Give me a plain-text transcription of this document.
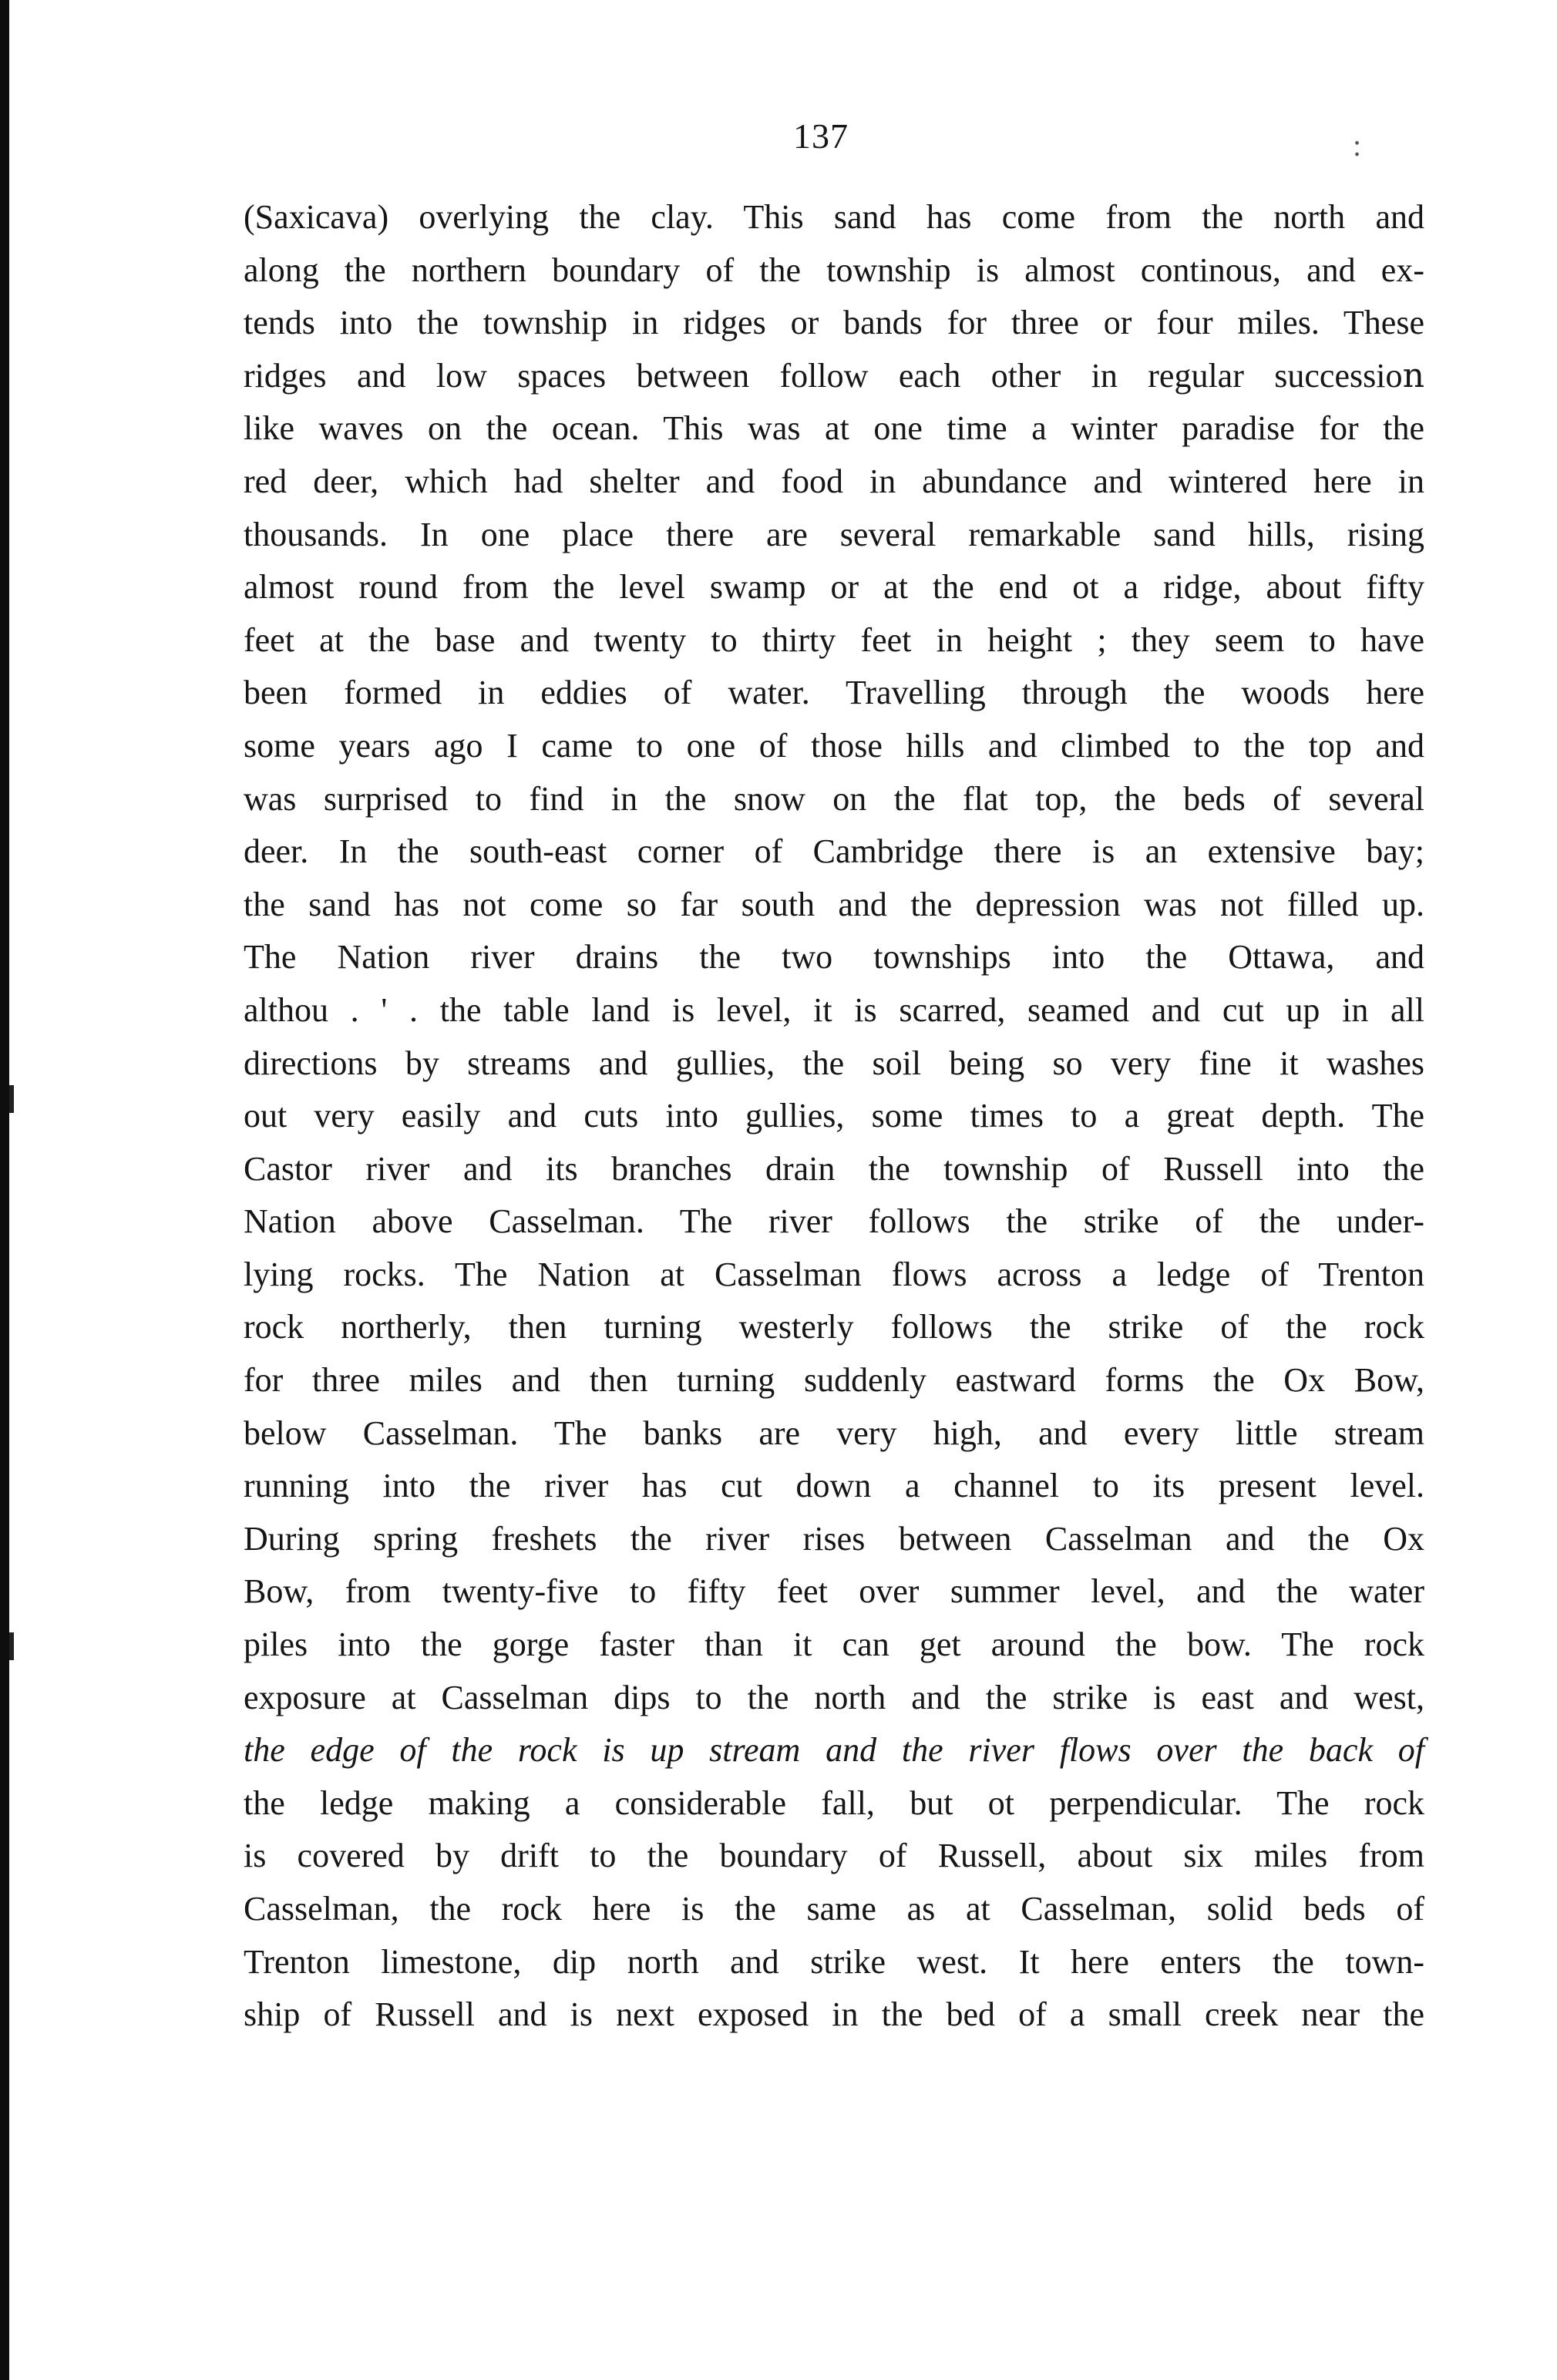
137	:
(Saxicava) overlying the clay. This sand has come from the north and
along the northern boundary of the township is almost continous, and ex-
tends into the township in ridges or bands for three or four miles. These
ridges and low spaces between follow each other in regular successioո
like waves on the ocean. This was at one time a winter paradise for the
red deer, which had shelter and food in abundance and wintered here in
thousands. In one place there are several remarkable sand hills, rising
almost round from the level swamp or at the end ot a ridge, about fifty
feet at the base and twenty to thirty feet in height ; they seem to have
been formed in eddies of water. Travelling through the woods here
some years ago I came to one of those hills and climbed to the top and
was surprised to find in the snow on the flat top, the beds of several
deer. In the south-east corner of Cambridge there is an extensive bay;
the sand has not come so far south and the depression was not filled up.
The Nation river drains the two townships into the Ottawa, and
althou . ' . the table land is level, it is scarred, seamed and cut up in all
directions by streams and gullies, the soil being so very fine it washes
out very easily and cuts into gullies, some times to a great depth. The
Castor river and its branches drain the township of Russell into the
Nation above Casselman. The river follows the strike of the under-
lying rocks. The Nation at Casselman flows across a ledge of Trenton
rock northerly, then turning westerly follows the strike of the rock
for three miles and then turning suddenly eastward forms the Ox Bow,
below Casselman. The banks are very high, and every little stream
running into the river has cut down a channel to its present level.
During spring freshets the river rises between Casselman and the Ox
Bow, from twenty-five to fifty feet over summer level, and the water
piles into the gorge faster than it can get around the bow. The rock
exposure at Casselman dips to the north and the strike is east and west,
the edge of the rock is up stream and the river flows over the back of
the ledge making a considerable fall, but ot perpendicular. The rock
is covered by drift to the boundary of Russell, about six miles from
Casselman, the rock here is the same as at Casselman, solid beds of
Trenton limestone, dip north and strike west. It here enters the town-
ship of Russell and is next exposed in the bed of a small creek near the
